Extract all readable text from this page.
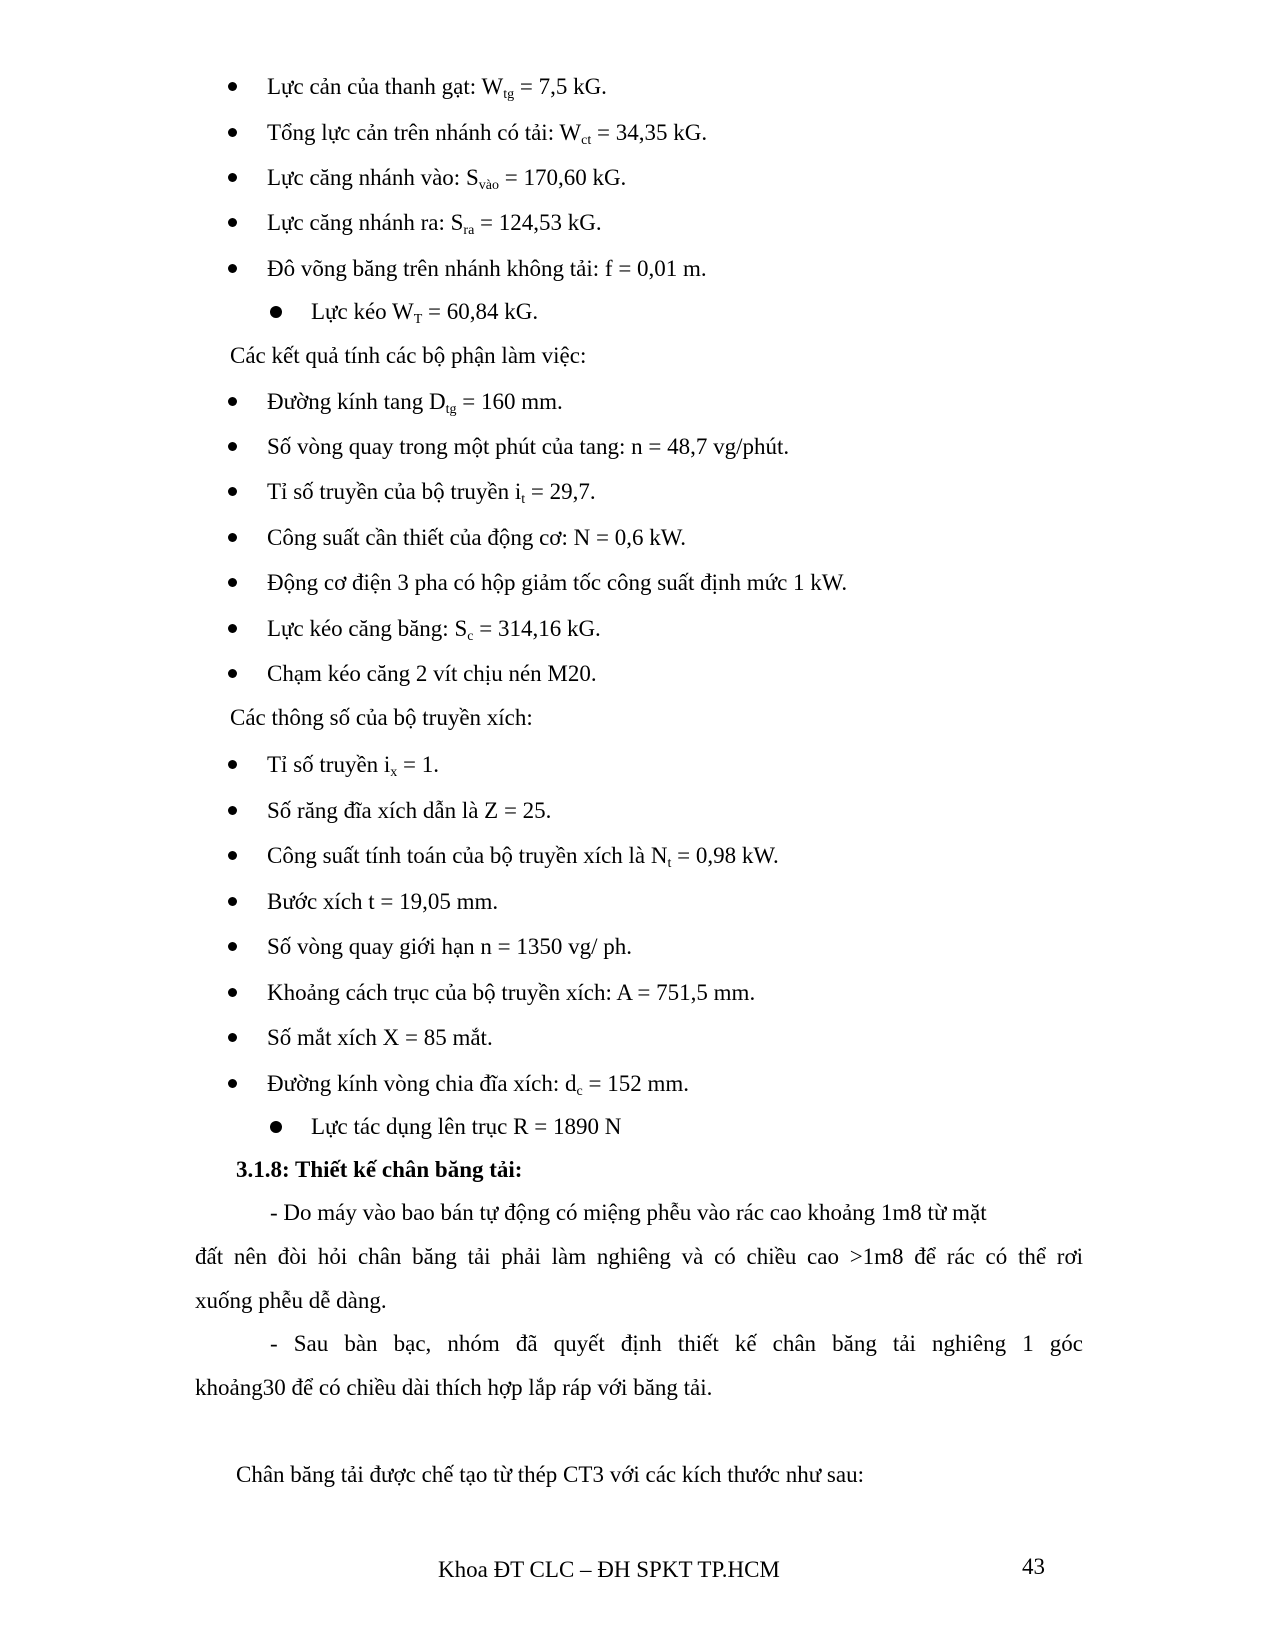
Lực cản của thanh gạt: $W_{tg} = 7,5$ kG.
Tổng lực cản trên nhánh có tải: $W_{ct} = 34,35$ kG.
Lực căng nhánh vào: $S_{vào} = 170,60$ kG.
Lực căng nhánh ra: $S_{ra} = 124,53$ kG.
Đô võng băng trên nhánh không tải: f = 0,01 m.
Lực kéo $W_T = 60,84$ kG.
Các kết quả tính các bộ phận làm việc:
Đường kính tang $D_{tg} = 160$ mm.
Số vòng quay trong một phút của tang: n = 48,7 vg/phút.
Tỉ số truyền của bộ truyền $i_t = 29,7$.
Công suất cần thiết của động cơ: N = 0,6 kW.
Động cơ điện 3 pha có hộp giảm tốc công suất định mức 1 kW.
Lực kéo căng băng: $S_c = 314,16$ kG.
Chạm kéo căng 2 vít chịu nén M20.
Các thông số của bộ truyền xích:
Tỉ số truyền $i_x = 1$.
Số răng đĩa xích dẫn là Z = 25.
Công suất tính toán của bộ truyền xích là $N_t = 0,98$ kW.
Bước xích t = 19,05 mm.
Số vòng quay giới hạn n = 1350 vg/ ph.
Khoảng cách trục của bộ truyền xích: A = 751,5 mm.
Số mắt xích X = 85 mắt.
Đường kính vòng chia đĩa xích: $d_c = 152$ mm.
Lực tác dụng lên trục R = 1890 N
3.1.8: Thiết kế chân băng tải:
- Do máy vào bao bán tự động có miệng phễu vào rác cao khoảng 1m8 từ mặt
đất nên đòi hỏi chân băng tải phải làm nghiêng và có chiều cao >1m8 để rác có thể rơi
xuống phễu dễ dàng.
- Sau bàn bạc, nhóm đã quyết định thiết kế chân băng tải nghiêng 1 góc
khoảng30 để có chiều dài thích hợp lắp ráp với băng tải.
Chân băng tải được chế tạo từ thép CT3 với các kích thước như sau:
Khoa ĐT CLC – ĐH SPKT TP.HCM	43
